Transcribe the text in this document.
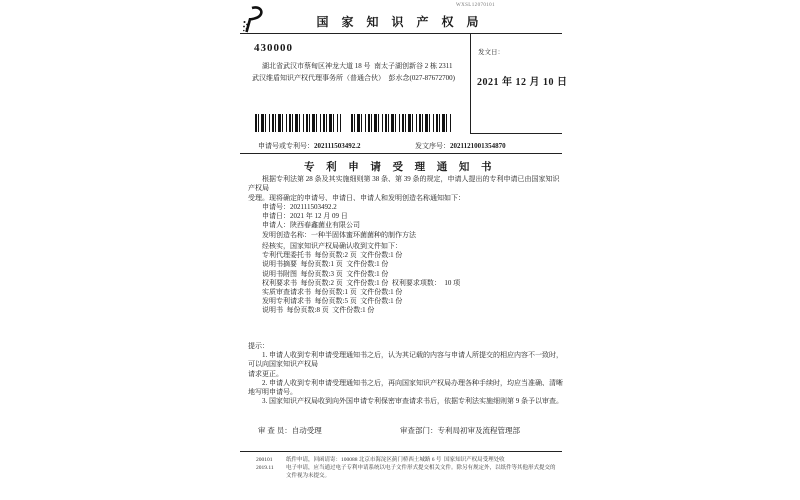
WXSL12070101
国 家 知 识 产 权 局
430000
湖北省武汉市蔡甸区神龙大道 18 号  南太子湖创新谷 2 栋 2311
武汉维盾知识产权代理事务所（普通合伙）  彭水念(027-87672700)
发文日：
2021 年 12 月 10 日
申请号或专利号：202111503492.2	发文序号：2021121001354870
专 利 申 请 受 理 通 知 书
根据专利法第 28 条及其实施细则第 38 条、第 39 条的规定，申请人提出的专利申请已由国家知识产权局
受理。现将确定的申请号、申请日、申请人和发明创造名称通知如下：
申请号：202111503492.2
申请日：2021 年 12 月 09 日
申请人：陕西春鑫菌业有限公司
发明创造名称：一种半固体蜜环菌菌种的制作方法
经核实，国家知识产权局确认收到文件如下：
专利代理委托书  每份页数:2 页  文件份数:1 份
说明书摘要  每份页数:1 页  文件份数:1 份
说明书附图  每份页数:3 页  文件份数:1 份
权利要求书  每份页数:2 页  文件份数:1 份  权利要求项数：  10 项
实质审查请求书  每份页数:1 页  文件份数:1 份
发明专利请求书  每份页数:5 页  文件份数:1 份
说明书  每份页数:8 页  文件份数:1 份
提示：
1. 申请人收到专利申请受理通知书之后，认为其记载的内容与申请人所提交的相应内容不一致时，可以向国家知识产权局
请求更正。
2. 申请人收到专利申请受理通知书之后，再向国家知识产权局办理各种手续时，均应当准确、清晰地写明申请号。
3. 国家知识产权局收到向外国申请专利保密审查请求书后，依据专利法实施细则第 9 条予以审查。
审 查 员：自动受理	审查部门：专利局初审及流程管理部
200101
2019.11
纸件申请，回函请寄：100088 北京市海淀区蓟门桥西土城路 6 号  国家知识产权局受理处收
电子申请，应当通过电子专利申请系统以电子文件形式提交相关文件。除另有规定外，以纸件等其他形式提交的
文件视为未提交。
